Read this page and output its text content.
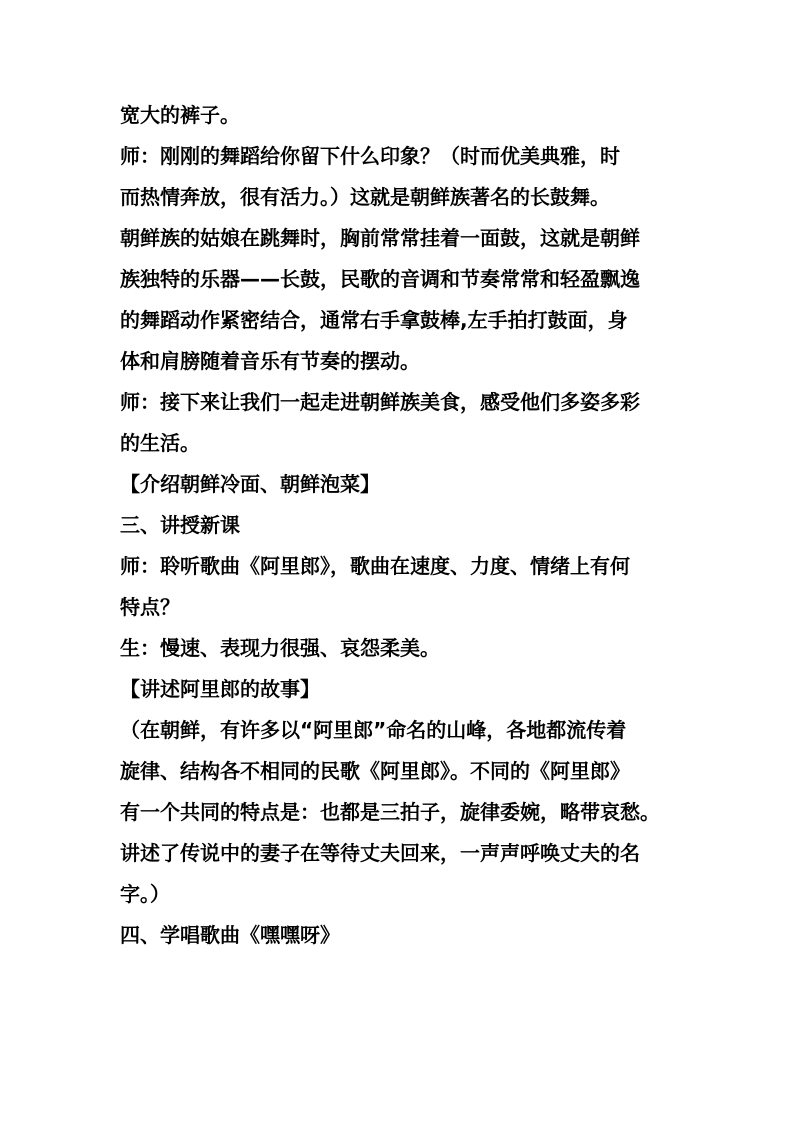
宽大的裤子。
师：刚刚的舞蹈给你留下什么印象？（时而优美典雅，时
而热情奔放，很有活力。）这就是朝鲜族著名的长鼓舞。
朝鲜族的姑娘在跳舞时，胸前常常挂着一面鼓，这就是朝鲜
族独特的乐器——长鼓，民歌的音调和节奏常常和轻盈飘逸
的舞蹈动作紧密结合，通常右手拿鼓棒,左手拍打鼓面，身
体和肩膀随着音乐有节奏的摆动。
师：接下来让我们一起走进朝鲜族美食，感受他们多姿多彩
的生活。
【介绍朝鲜冷面、朝鲜泡菜】
三、讲授新课
师：聆听歌曲《阿里郎》，歌曲在速度、力度、情绪上有何
特点？
生：慢速、表现力很强、哀怨柔美。
【讲述阿里郎的故事】
（在朝鲜，有许多以“阿里郎”命名的山峰，各地都流传着
旋律、结构各不相同的民歌《阿里郎》。不同的《阿里郎》
有一个共同的特点是：也都是三拍子，旋律委婉，略带哀愁。
讲述了传说中的妻子在等待丈夫回来，一声声呼唤丈夫的名
字。）
四、学唱歌曲《嘿嘿呀》
